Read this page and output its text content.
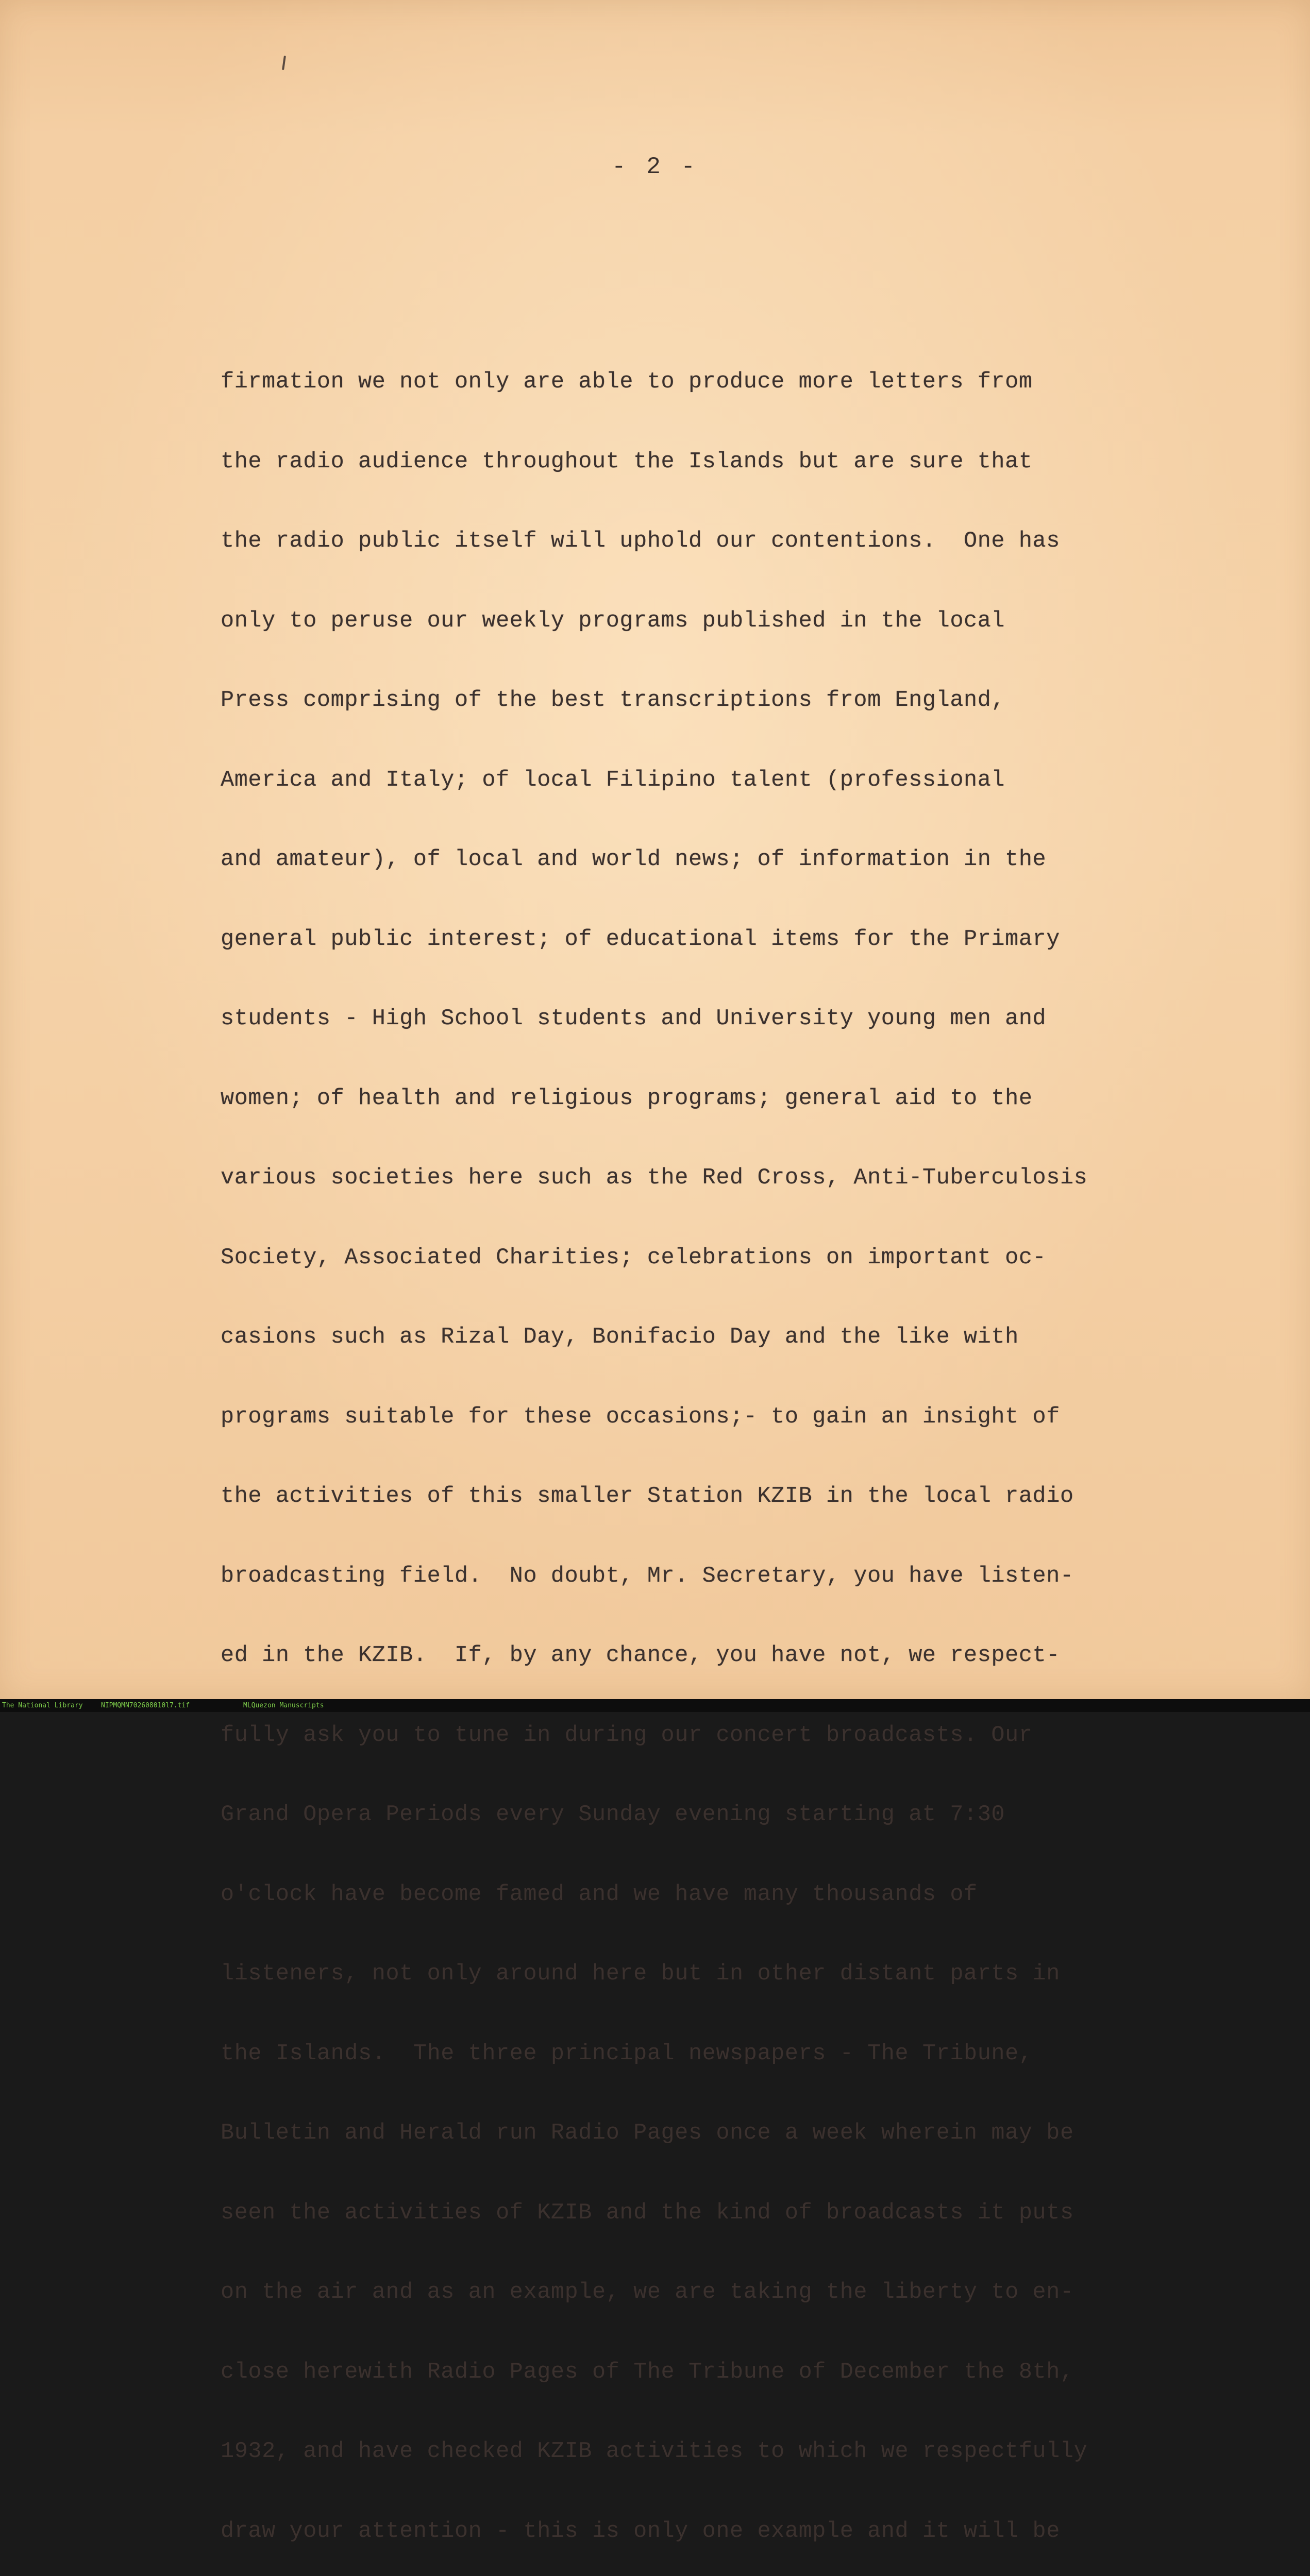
- 2 -

firmation we not only are able to produce more letters from

the radio audience throughout the Islands but are sure that

the radio public itself will uphold our contentions.  One has

only to peruse our weekly programs published in the local

Press comprising of the best transcriptions from England,

America and Italy; of local Filipino talent (professional

and amateur), of local and world news; of information in the

general public interest; of educational items for the Primary

students - High School students and University young men and

women; of health and religious programs; general aid to the

various societies here such as the Red Cross, Anti-Tuberculosis

Society, Associated Charities; celebrations on important oc-

casions such as Rizal Day, Bonifacio Day and the like with

programs suitable for these occasions;- to gain an insight of

the activities of this smaller Station KZIB in the local radio

broadcasting field.  No doubt, Mr. Secretary, you have listen-

ed in the KZIB.  If, by any chance, you have not, we respect-

fully ask you to tune in during our concert broadcasts. Our

Grand Opera Periods every Sunday evening starting at 7:30

o'clock have become famed and we have many thousands of

listeners, not only around here but in other distant parts in

the Islands.  The three principal newspapers - The Tribune,

Bulletin and Herald run Radio Pages once a week wherein may be

seen the activities of KZIB and the kind of broadcasts it puts

on the air and as an example, we are taking the liberty to en-

close herewith Radio Pages of The Tribune of December the 8th,

1932, and have checked KZIB activities to which we respectfully

draw your attention - this is only one example and it will be

The National Library

	NIPMQMN702608010l7.tif

	MLQuezon Manuscripts
